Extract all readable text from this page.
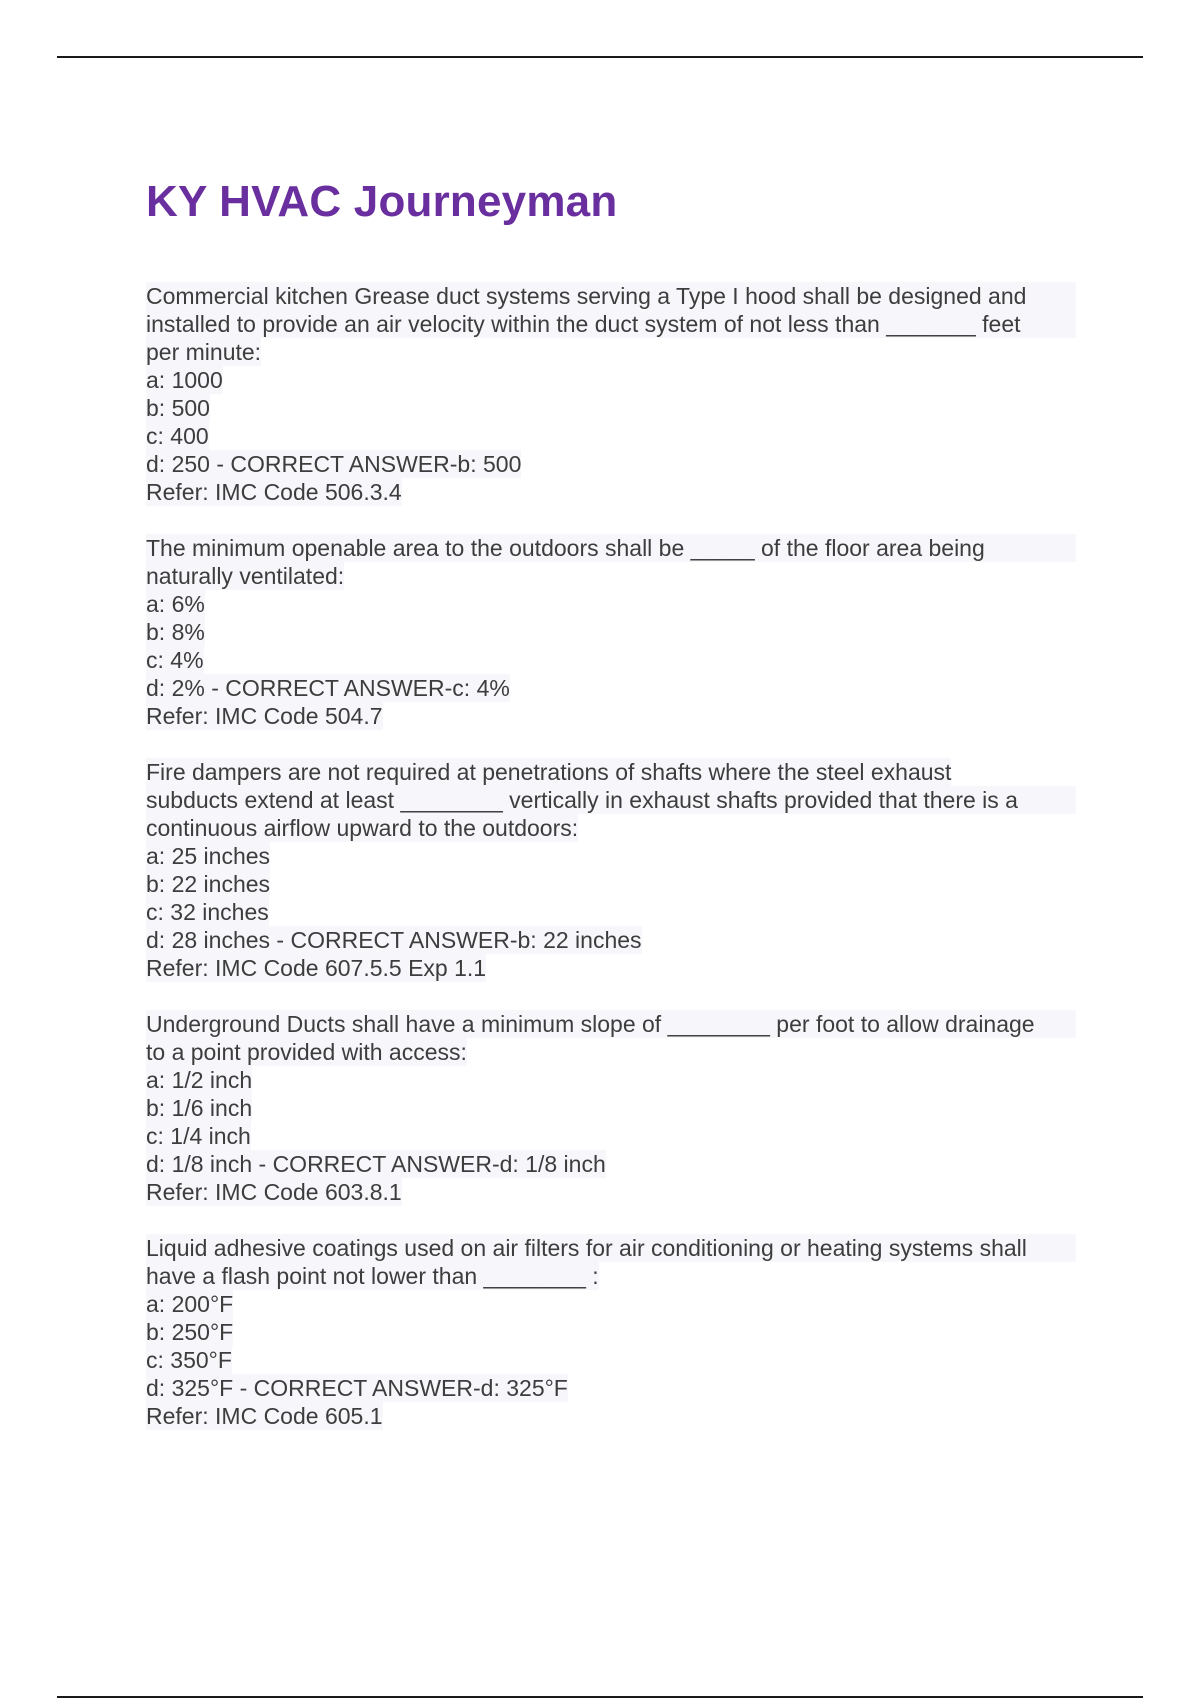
KY HVAC Journeyman
Commercial kitchen Grease duct systems serving a Type I hood shall be designed and
installed to provide an air velocity within the duct system of not less than _______ feet
per minute:
a: 1000
b: 500
c: 400
d: 250 - CORRECT ANSWER-b: 500
Refer: IMC Code 506.3.4
The minimum openable area to the outdoors shall be _____ of the floor area being
naturally ventilated:
a: 6%
b: 8%
c: 4%
d: 2% - CORRECT ANSWER-c: 4%
Refer: IMC Code 504.7
Fire dampers are not required at penetrations of shafts where the steel exhaust
subducts extend at least ________ vertically in exhaust shafts provided that there is a
continuous airflow upward to the outdoors:
a: 25 inches
b: 22 inches
c: 32 inches
d: 28 inches - CORRECT ANSWER-b: 22 inches
Refer: IMC Code 607.5.5 Exp 1.1
Underground Ducts shall have a minimum slope of ________ per foot to allow drainage
to a point provided with access:
a: 1/2 inch
b: 1/6 inch
c: 1/4 inch
d: 1/8 inch - CORRECT ANSWER-d: 1/8 inch
Refer: IMC Code 603.8.1
Liquid adhesive coatings used on air filters for air conditioning or heating systems shall
have a flash point not lower than ________ :
a: 200°F
b: 250°F
c: 350°F
d: 325°F - CORRECT ANSWER-d: 325°F
Refer: IMC Code 605.1
